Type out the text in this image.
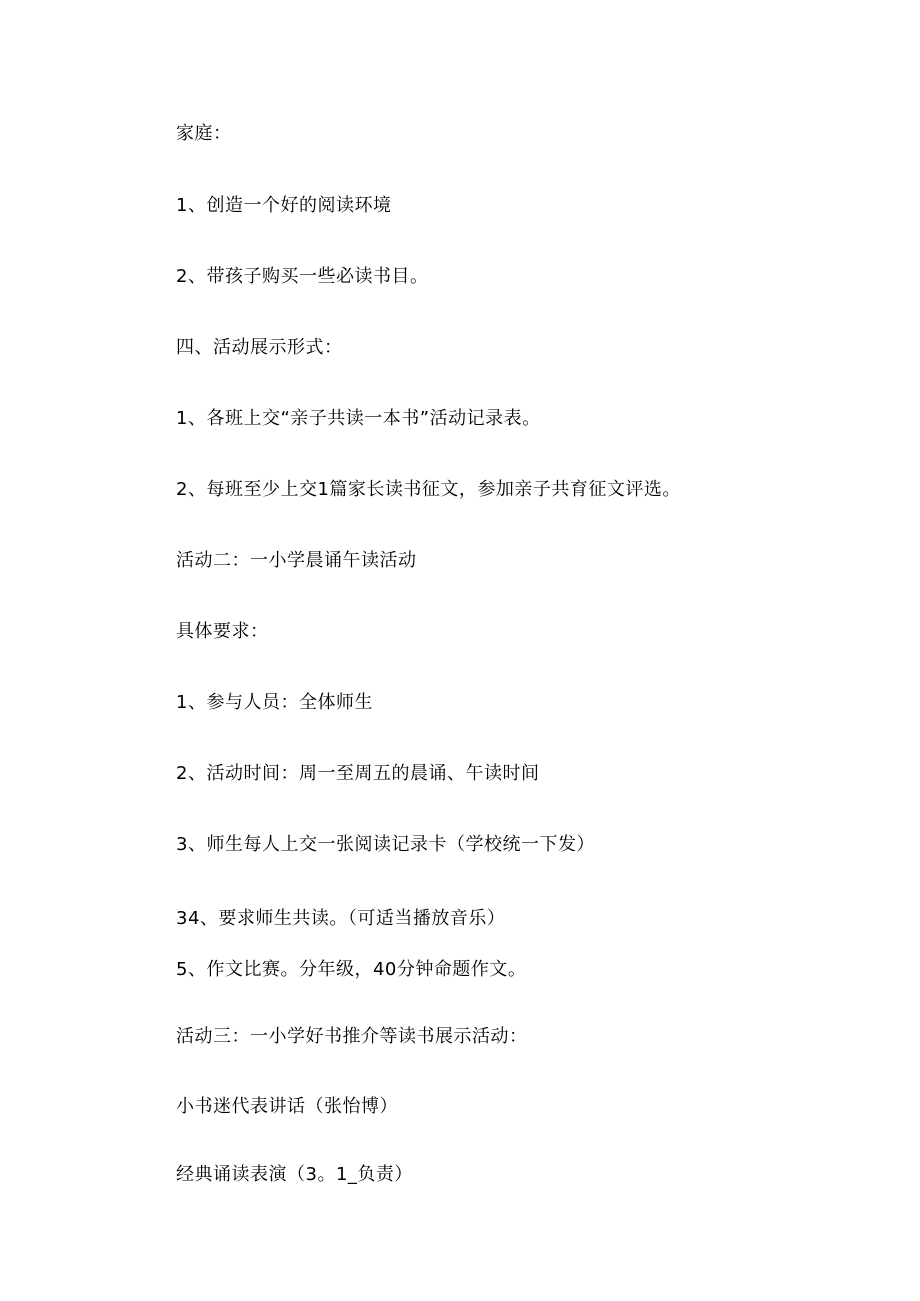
家庭：
1、创造一个好的阅读环境
2、带孩子购买一些必读书目。
四、活动展示形式：
1、各班上交“亲子共读一本书”活动记录表。
2、每班至少上交1篇家长读书征文，参加亲子共育征文评选。
活动二：一小学晨诵午读活动
具体要求：
1、参与人员：全体师生
2、活动时间：周一至周五的晨诵、午读时间
3、师生每人上交一张阅读记录卡（学校统一下发）
34、要求师生共读。（可适当播放音乐）
5、作文比赛。分年级，40分钟命题作文。
活动三：一小学好书推介等读书展示活动：
小书迷代表讲话（张怡博）
经典诵读表演（3。1_负责）
